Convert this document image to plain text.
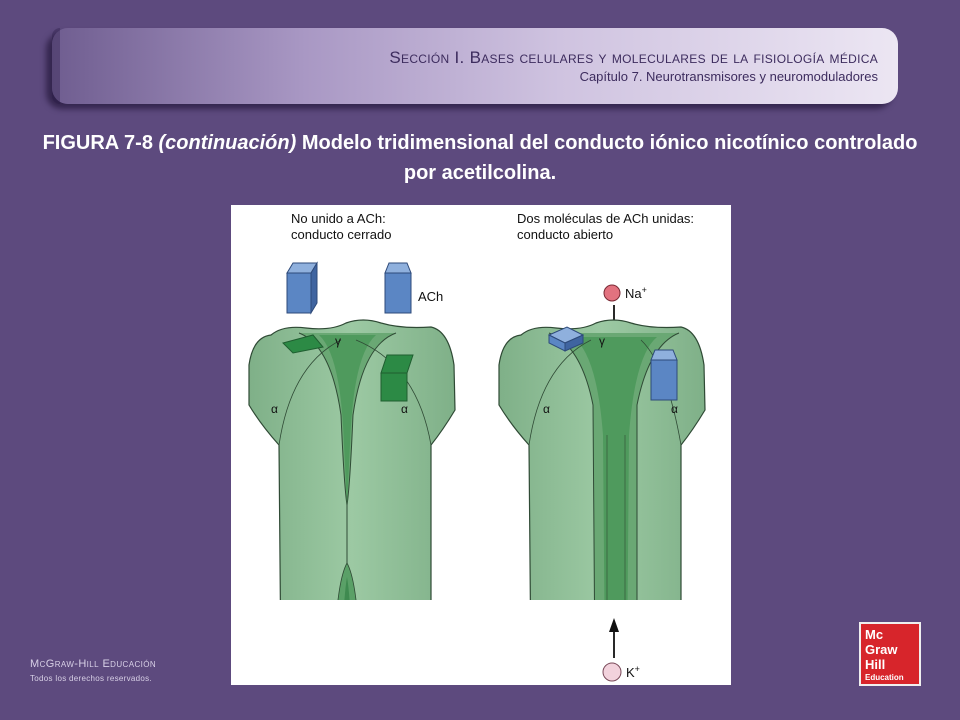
Sección I. Bases celulares y moleculares de la fisiología médica
Capítulo 7. Neurotransmisores y neuromoduladores
FIGURA 7-8 (continuación) Modelo tridimensional del conducto iónico nicotínico controlado por acetilcolina.
No unido a ACh:
conducto cerrado
ACh
γ
α	α
Dos moléculas de ACh unidas:
conducto abierto
Na+
γ
α	α
K+
McGraw-Hill Educación
Todos los derechos reservados.
Mc
Graw
Hill
Education
